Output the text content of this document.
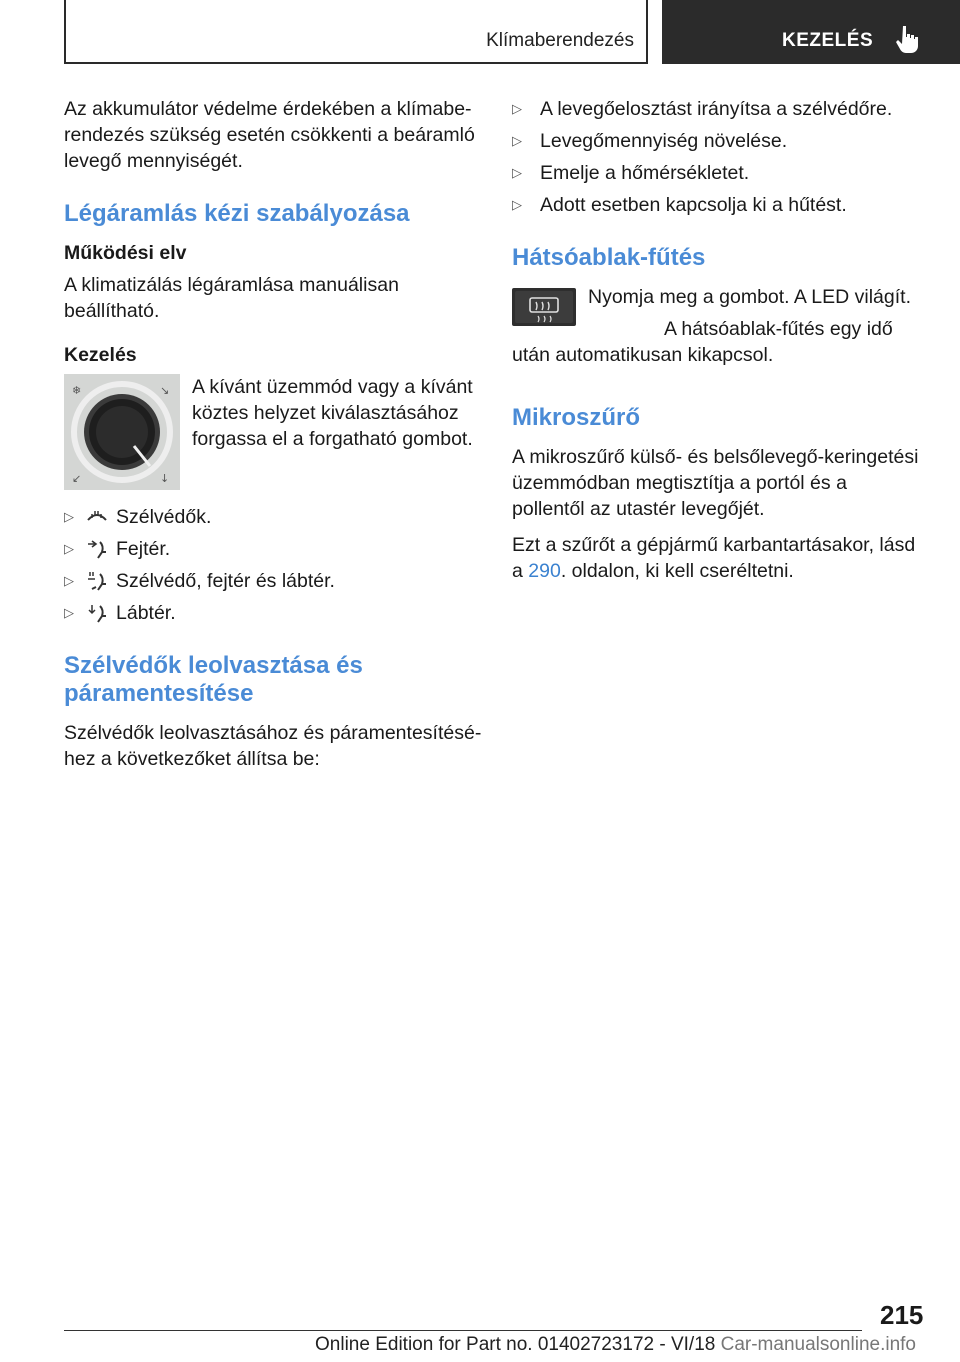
Klímaberendezés	KEZELÉS

Az akkumulátor védelme érdekében a klímaberendezés szükség esetén csökkenti a beáramló levegő mennyiségét.

Légáramlás kézi szabályozása
Működési elv

A klimatizálás légáramlása manuálisan beállítható.

Kezelés
❄	↘
↙	↓
A kívánt üzemmód vagy a kívánt köztes helyzet kiválasztásához forgassa el a forgatható gombot.
▷	Szélvédők.
▷	Fejtér.
▷	Szélvédő, fejtér és lábtér.
▷	Lábtér.
Szélvédők leolvasztása és páramentesítése

Szélvédők leolvasztásához és páramentesítéséhez a következőket állítsa be:

▷ A levegőelosztást irányítsa a szélvédőre.
▷ Levegőmennyiség növelése.
▷ Emelje a hőmérsékletet.
▷ Adott esetben kapcsolja ki a hűtést.
Hátsóablak-fűtés

Nyomja meg a gombot. A LED világít.

A hátsóablak-fűtés egy idő után automatikusan kikapcsol.

Mikroszűrő

A mikroszűrő külső- és belsőlevegő-keringetési üzemmódban megtisztítja a portól és a pollentől az utastér levegőjét.

Ezt a szűrőt a gépjármű karbantartásakor, lásd a 290. oldalon, ki kell cseréltetni.

215
Online Edition for Part no. 01402723172 - VI/18 Car-manualsonline.info
